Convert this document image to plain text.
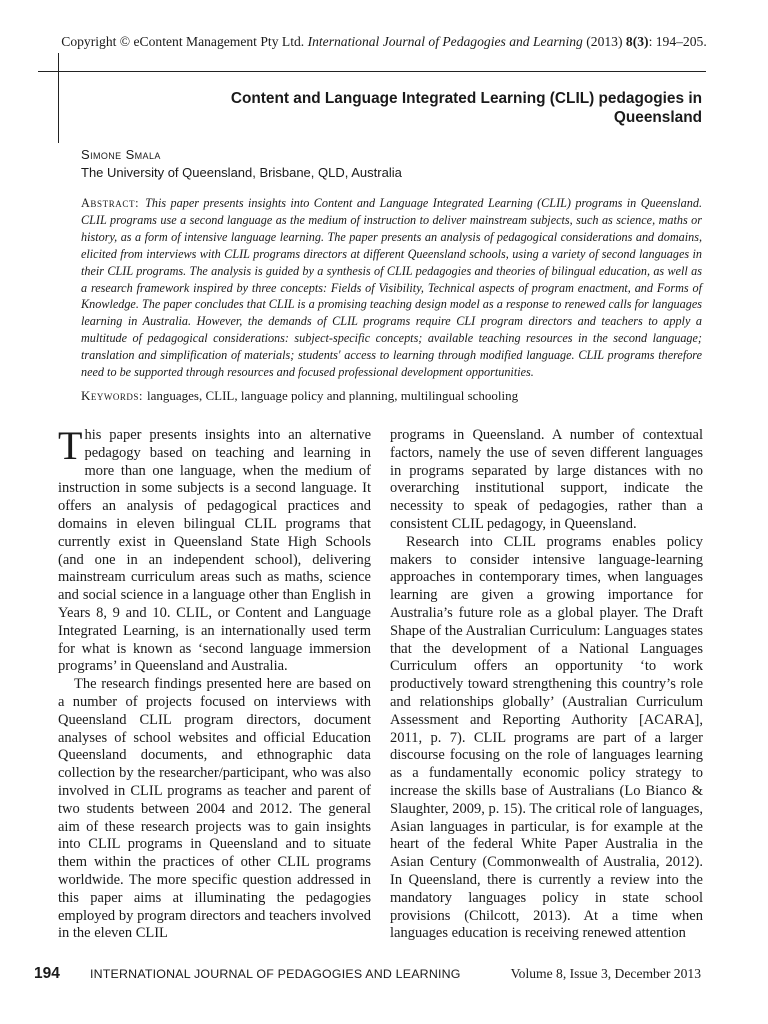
Copyright © eContent Management Pty Ltd. International Journal of Pedagogies and Learning (2013) 8(3): 194–205.
Content and Language Integrated Learning (CLIL) pedagogies in Queensland
Simone Smala
The University of Queensland, Brisbane, QLD, Australia
Abstract: This paper presents insights into Content and Language Integrated Learning (CLIL) programs in Queensland. CLIL programs use a second language as the medium of instruction to deliver mainstream subjects, such as science, maths or history, as a form of intensive language learning. The paper presents an analysis of pedagogical considerations and domains, elicited from interviews with CLIL programs directors at different Queensland schools, using a variety of second languages in their CLIL programs. The analysis is guided by a synthesis of CLIL pedagogies and theories of bilingual education, as well as a research framework inspired by three concepts: Fields of Visibility, Technical aspects of program enactment, and Forms of Knowledge. The paper concludes that CLIL is a promising teaching design model as a response to renewed calls for languages learning in Australia. However, the demands of CLIL programs require CLI program directors and teachers to apply a multitude of pedagogical considerations: subject-specific concepts; available teaching resources in the second language; translation and simplification of materials; students' access to learning through modified language. CLIL programs therefore need to be supported through resources and focused professional development opportunities.
Keywords: languages, CLIL, language policy and planning, multilingual schooling

This paper presents insights into an alternative pedagogy based on teaching and learning in more than one language, when the medium of instruction in some subjects is a second language. It offers an analysis of pedagogical practices and domains in eleven bilingual CLIL programs that currently exist in Queensland State High Schools (and one in an independent school), delivering mainstream curriculum areas such as maths, science and social science in a language other than English in Years 8, 9 and 10. CLIL, or Content and Language Integrated Learning, is an internationally used term for what is known as ‘second language immersion programs’ in Queensland and Australia.

The research findings presented here are based on a number of projects focused on interviews with Queensland CLIL program directors, document analyses of school websites and official Education Queensland documents, and ethnographic data collection by the researcher/participant, who was also involved in CLIL programs as teacher and parent of two students between 2004 and 2012. The general aim of these research projects was to gain insights into CLIL programs in Queensland and to situate them within the practices of other CLIL programs worldwide. The more specific question addressed in this paper aims at illuminating the pedagogies employed by program directors and teachers involved in the eleven CLIL

programs in Queensland. A number of contextual factors, namely the use of seven different languages in programs separated by large distances with no overarching institutional support, indicate the necessity to speak of pedagogies, rather than a consistent CLIL pedagogy, in Queensland.

Research into CLIL programs enables policy makers to consider intensive language-learning approaches in contemporary times, when languages learning are given a growing importance for Australia’s future role as a global player. The Draft Shape of the Australian Curriculum: Languages states that the development of a National Languages Curriculum offers an opportunity ‘to work productively toward strengthening this country’s role and relationships globally’ (Australian Curriculum Assessment and Reporting Authority [ACARA], 2011, p. 7). CLIL programs are part of a larger discourse focusing on the role of languages learning as a fundamentally economic policy strategy to increase the skills base of Australians (Lo Bianco & Slaughter, 2009, p. 15). The critical role of languages, Asian languages in particular, is for example at the heart of the federal White Paper Australia in the Asian Century (Commonwealth of Australia, 2012). In Queensland, there is currently a review into the mandatory languages policy in state school provisions (Chilcott, 2013). At a time when languages education is receiving renewed attention

194 INTERNATIONAL JOURNAL OF PEDAGOGIES AND LEARNING	Volume 8, Issue 3, December 2013
